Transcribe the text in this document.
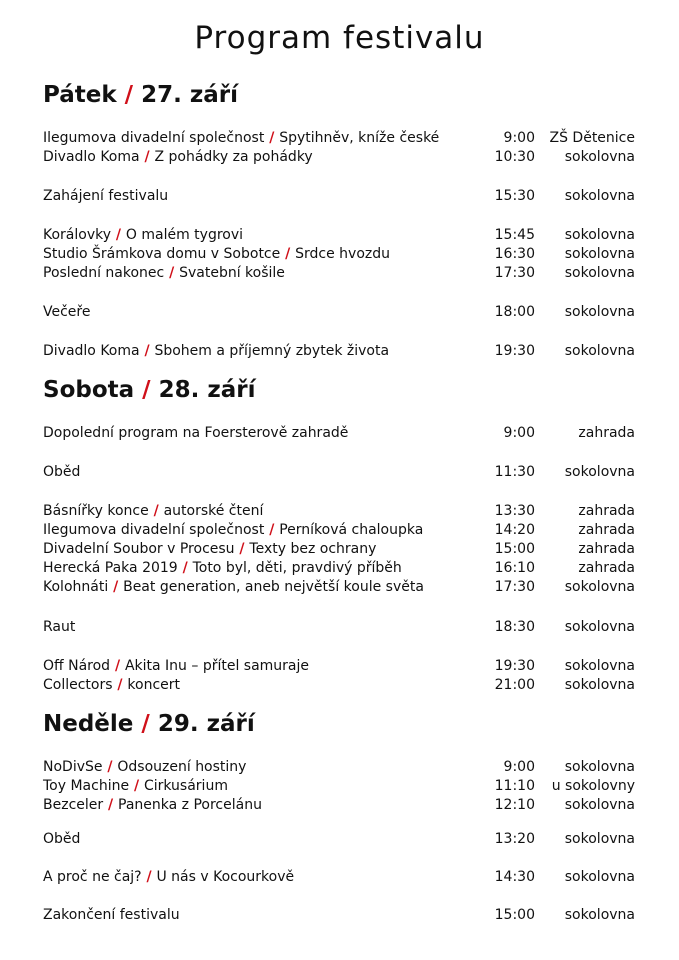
Program festivalu
Pátek / 27. září
Ilegumova divadelní společnost / Spytihněv, kníže české	9:00	ZŠ Dětenice
Divadlo Koma / Z pohádky za pohádky	10:30	sokolovna
Zahájení festivalu	15:30	sokolovna
Korálovky / O malém tygrovi	15:45	sokolovna
Studio Šrámkova domu v Sobotce / Srdce hvozdu	16:30	sokolovna
Poslední nakonec / Svatební košile	17:30	sokolovna
Večeře	18:00	sokolovna
Divadlo Koma / Sbohem a příjemný zbytek života	19:30	sokolovna
Sobota / 28. září
Dopolední program na Foersterově zahradě	9:00	zahrada
Oběd	11:30	sokolovna
Básnířky konce / autorské čtení	13:30	zahrada
Ilegumova divadelní společnost / Perníková chaloupka	14:20	zahrada
Divadelní Soubor v Procesu / Texty bez ochrany	15:00	zahrada
Herecká Paka 2019 / Toto byl, děti, pravdivý příběh	16:10	zahrada
Kolohnáti / Beat generation, aneb největší koule světa	17:30	sokolovna
Raut	18:30	sokolovna
Off Národ / Akita Inu – přítel samuraje	19:30	sokolovna
Collectors / koncert	21:00	sokolovna
Neděle / 29. září
NoDivSe / Odsouzení hostiny	9:00	sokolovna
Toy Machine / Cirkusárium	11:10	u sokolovny
Bezceler / Panenka z Porcelánu	12:10	sokolovna
Oběd	13:20	sokolovna
A proč ne čaj? / U nás v Kocourkově	14:30	sokolovna
Zakončení festivalu	15:00	sokolovna
